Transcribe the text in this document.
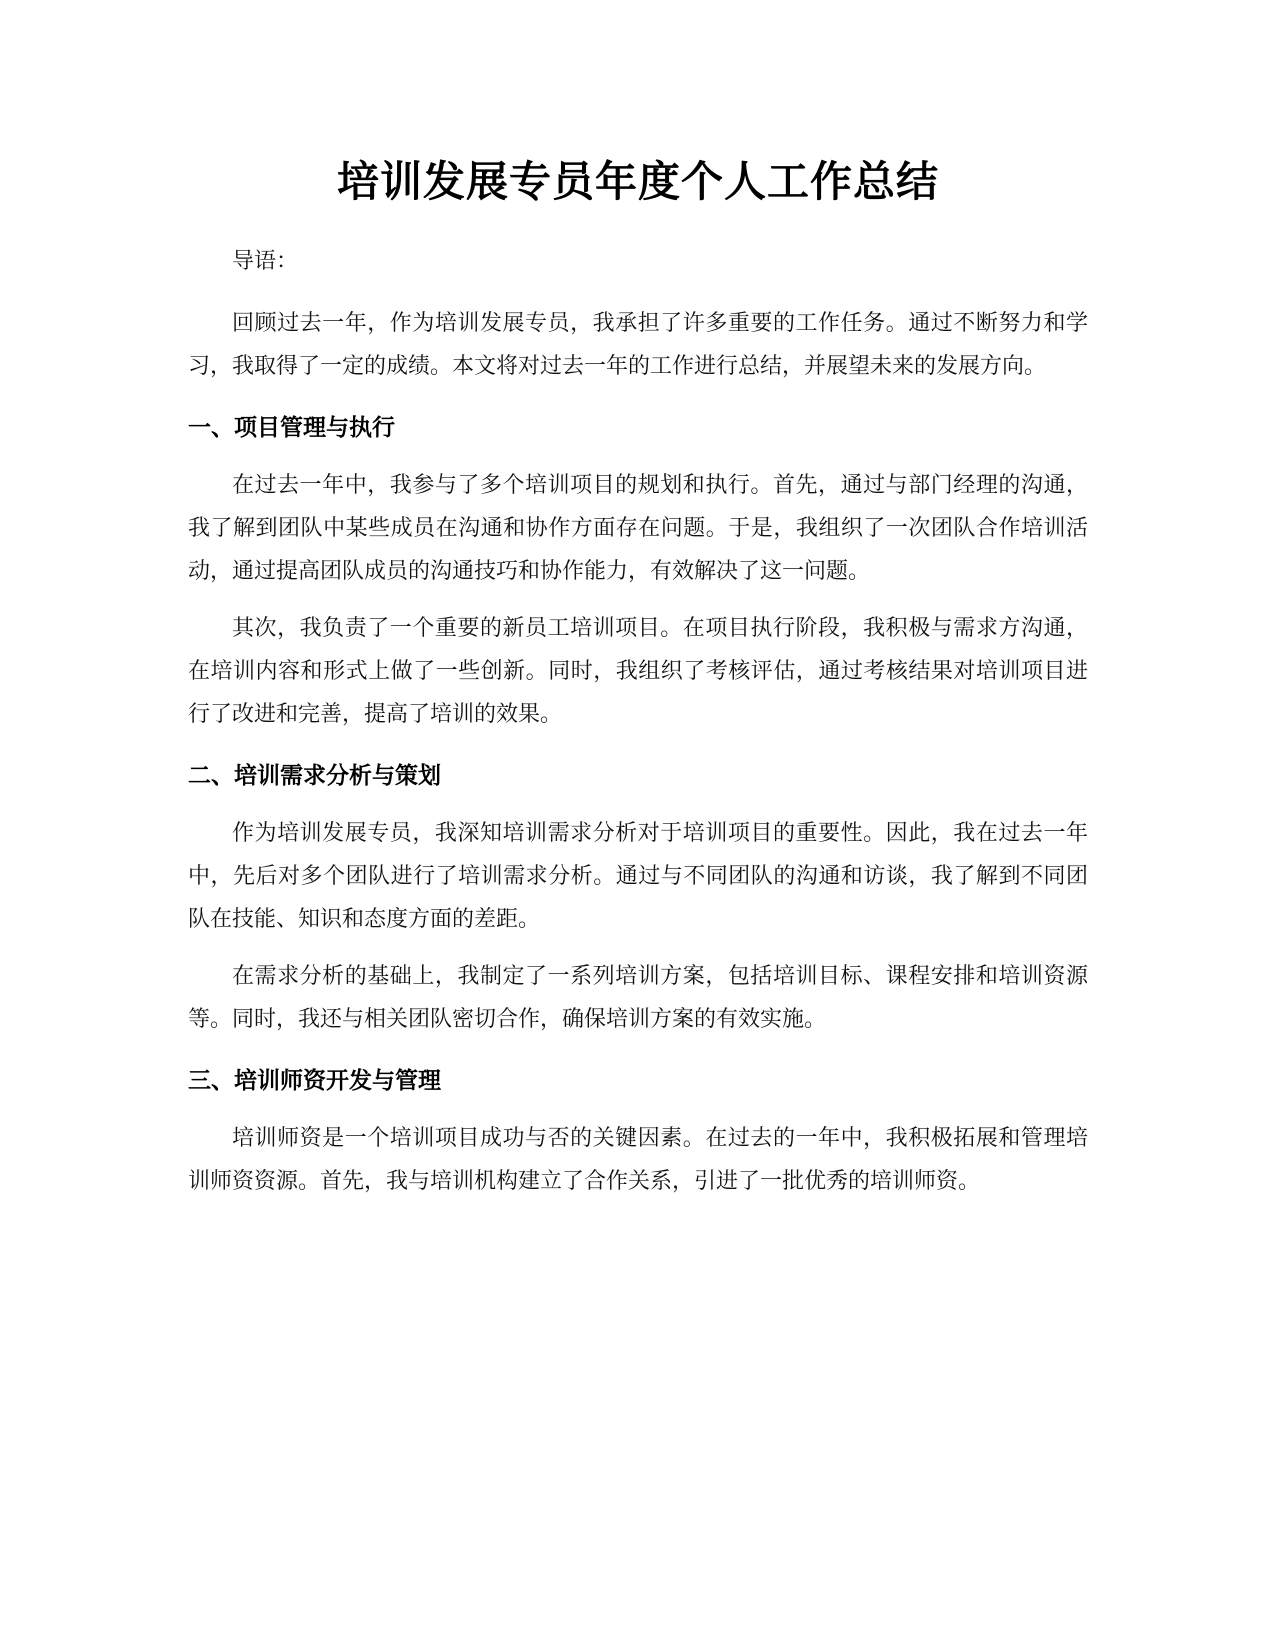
培训发展专员年度个人工作总结

导语：

回顾过去一年，作为培训发展专员，我承担了许多重要的工作任务。通过不断努力和学习，我取得了一定的成绩。本文将对过去一年的工作进行总结，并展望未来的发展方向。

一、项目管理与执行

在过去一年中，我参与了多个培训项目的规划和执行。首先，通过与部门经理的沟通，我了解到团队中某些成员在沟通和协作方面存在问题。于是，我组织了一次团队合作培训活动，通过提高团队成员的沟通技巧和协作能力，有效解决了这一问题。

其次，我负责了一个重要的新员工培训项目。在项目执行阶段，我积极与需求方沟通，在培训内容和形式上做了一些创新。同时，我组织了考核评估，通过考核结果对培训项目进行了改进和完善，提高了培训的效果。

二、培训需求分析与策划

作为培训发展专员，我深知培训需求分析对于培训项目的重要性。因此，我在过去一年中，先后对多个团队进行了培训需求分析。通过与不同团队的沟通和访谈，我了解到不同团队在技能、知识和态度方面的差距。

在需求分析的基础上，我制定了一系列培训方案，包括培训目标、课程安排和培训资源等。同时，我还与相关团队密切合作，确保培训方案的有效实施。

三、培训师资开发与管理

培训师资是一个培训项目成功与否的关键因素。在过去的一年中，我积极拓展和管理培训师资资源。首先，我与培训机构建立了合作关系，引进了一批优秀的培训师资。
